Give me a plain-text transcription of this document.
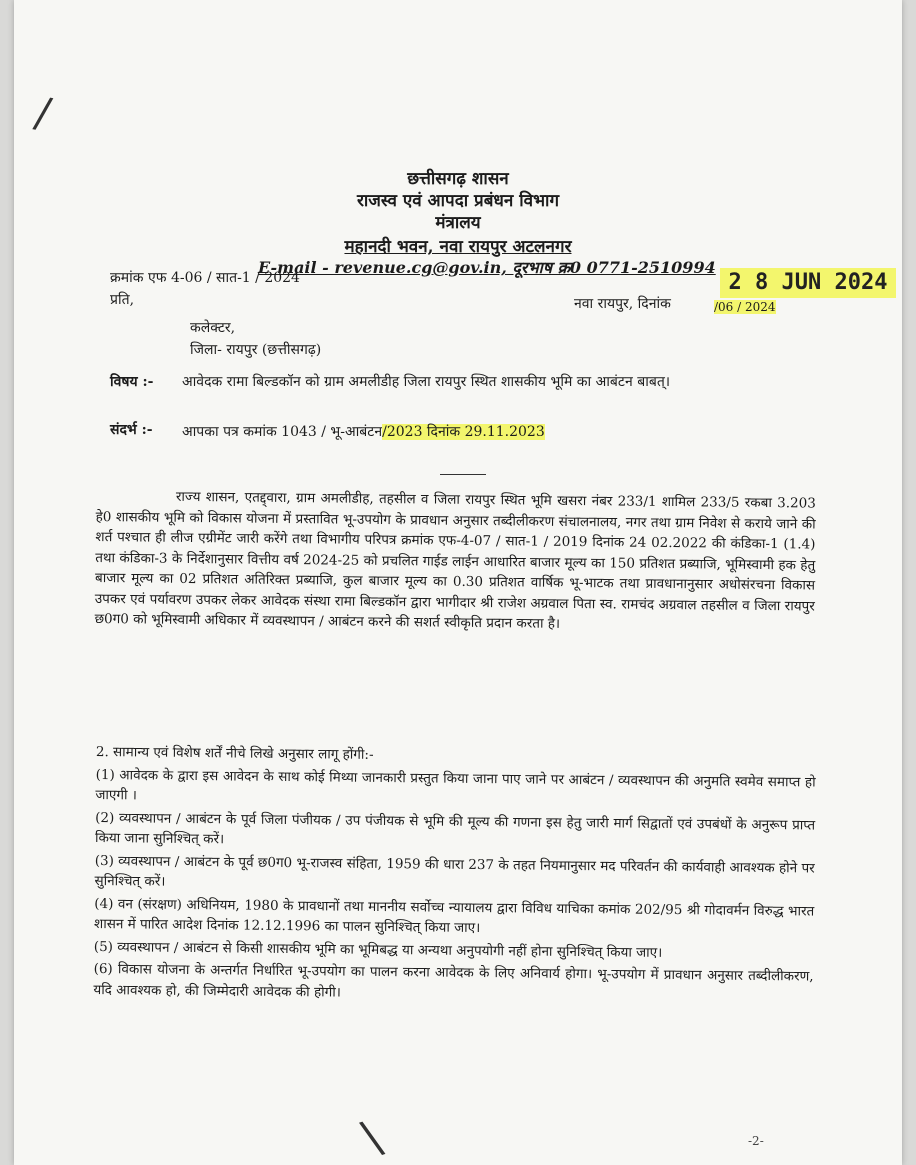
/
छत्तीसगढ़ शासन
राजस्व एवं आपदा प्रबंधन विभाग
मंत्रालय
महानदी भवन, नवा रायपुर अटलनगर
E-mail - revenue.cg@gov.in, दूरभाष क्र0 0771-2510994
क्रमांक एफ 4-06 / सात-1 / 2024
प्रति,
2 8 JUN 2024
नवा रायपुर, दिनांक	/06 / 2024
कलेक्टर,
जिला- रायपुर (छत्तीसगढ़)
विषय :- आवेदक रामा बिल्डकॉन को ग्राम अमलीडीह जिला रायपुर स्थित शासकीय भूमि का आबंटन बाबत्।
संदर्भ :- आपका पत्र कमांक 1043 / भू-आबंटन/2023 दिनांक 29.11.2023
राज्य शासन, एतद्द्वारा, ग्राम अमलीडीह, तहसील व जिला रायपुर स्थित भूमि खसरा नंबर 233/1 शामिल 233/5 रकबा 3.203 हे0 शासकीय भूमि को विकास योजना में प्रस्तावित भू-उपयोग के प्रावधान अनुसार तब्दीलीकरण संचालनालय, नगर तथा ग्राम निवेश से कराये जाने की शर्त पश्चात ही लीज एग्रीमेंट जारी करेंगे तथा विभागीय परिपत्र क्रमांक एफ-4-07 / सात-1 / 2019 दिनांक 24 02.2022 की कंडिका-1 (1.4) तथा कंडिका-3 के निर्देशानुसार वित्तीय वर्ष 2024-25 को प्रचलित गाईड लाईन आधारित बाजार मूल्य का 150 प्रतिशत प्रब्याजि, भूमिस्वामी हक हेतु बाजार मूल्य का 02 प्रतिशत अतिरिक्त प्रब्याजि, कुल बाजार मूल्य का 0.30 प्रतिशत वार्षिक भू-भाटक तथा प्रावधानानुसार अधोसंरचना विकास उपकर एवं पर्यावरण उपकर लेकर आवेदक संस्था रामा बिल्डकॉन द्वारा भागीदार श्री राजेश अग्रवाल पिता स्व. रामचंद अग्रवाल तहसील व जिला रायपुर छ0ग0 को भूमिस्वामी अधिकार में व्यवस्थापन / आबंटन करने की सशर्त स्वीकृति प्रदान करता है।

2. सामान्य एवं विशेष शर्तें नीचे लिखे अनुसार लागू होंगी:-

(1) आवेदक के द्वारा इस आवेदन के साथ कोई मिथ्या जानकारी प्रस्तुत किया जाना पाए जाने पर आबंटन / व्यवस्थापन की अनुमति स्वमेव समाप्त हो जाएगी ।

(2) व्यवस्थापन / आबंटन के पूर्व जिला पंजीयक / उप पंजीयक से भूमि की मूल्य की गणना इस हेतु जारी मार्ग सिद्वातों एवं उपबंधों के अनुरूप प्राप्त किया जाना सुनिश्चित् करें।

(3) व्यवस्थापन / आबंटन के पूर्व छ0ग0 भू-राजस्व संहिता, 1959 की धारा 237 के तहत नियमानुसार मद परिवर्तन की कार्यवाही आवश्यक होने पर सुनिश्चित् करें।

(4) वन (संरक्षण) अधिनियम, 1980 के प्रावधानों तथा माननीय सर्वोच्च न्यायालय द्वारा विविध याचिका कमांक 202/95 श्री गोदावर्मन विरुद्ध भारत शासन में पारित आदेश दिनांक 12.12.1996 का पालन सुनिश्चित् किया जाए।

(5) व्यवस्थापन / आबंटन से किसी शासकीय भूमि का भूमिबद्ध या अन्यथा अनुपयोगी नहीं होना सुनिश्चित् किया जाए।

(6) विकास योजना के अन्तर्गत निर्धारित भू-उपयोग का पालन करना आवेदक के लिए अनिवार्य होगा। भू-उपयोग में प्रावधान अनुसार तब्दीलीकरण, यदि आवश्यक हो, की जिम्मेदारी आवेदक की होगी।

\	-2-
